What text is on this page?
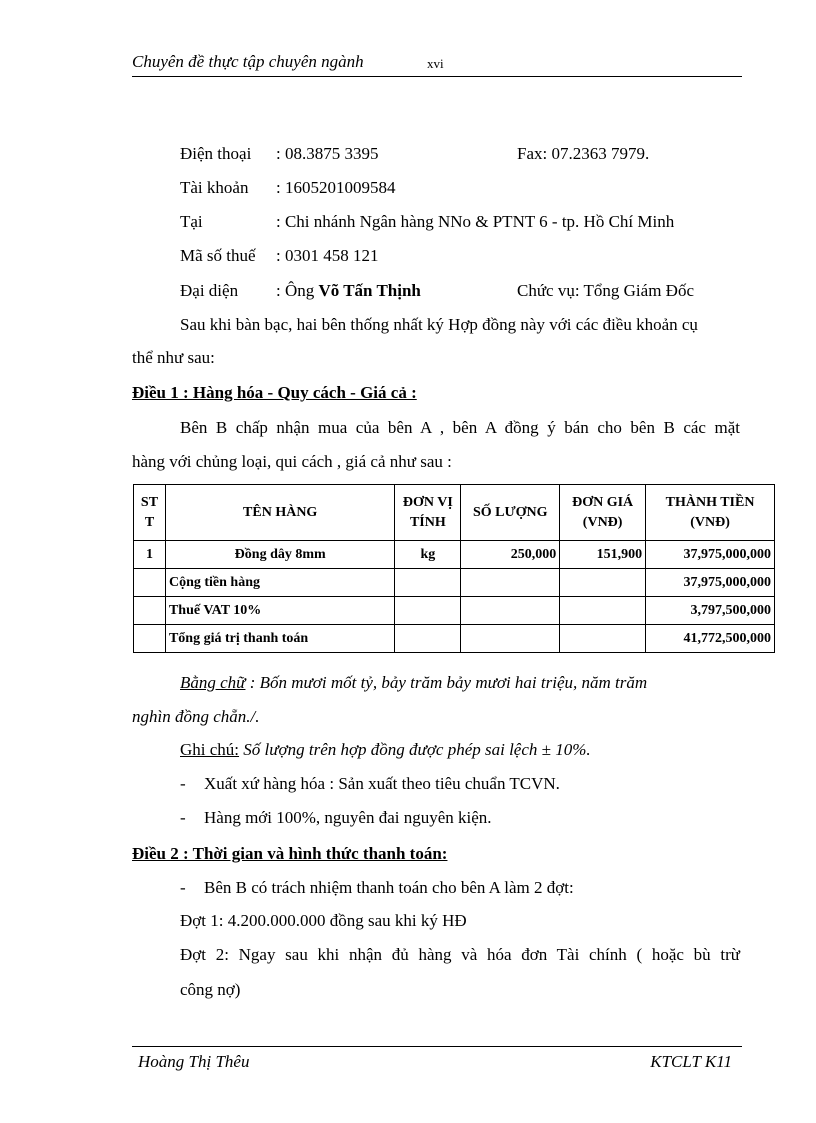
Chuyên đề thực tập chuyên ngành	xvi
Điện thoại : 08.3875 3395	Fax: 07.2363 7979.
Tài khoản : 1605201009584
Tại	: Chi nhánh Ngân hàng NNo & PTNT 6 - tp. Hồ Chí Minh
Mã số thuế : 0301 458 121
Đại diện : Ông Võ Tấn Thịnh	Chức vụ: Tổng Giám Đốc
Sau khi bàn bạc, hai bên thống nhất ký Hợp đồng này với các điều khoản cụ
thể như sau:
Điều 1 : Hàng hóa - Quy cách - Giá cả :
Bên B chấp nhận mua của bên A , bên A đồng ý bán cho bên B các mặt
hàng với chủng loại, qui cách , giá cả như sau :
ST T	TÊN HÀNG	ĐƠN VỊ TÍNH	SỐ LƯỢNG	ĐƠN GIÁ (VNĐ)	THÀNH TIỀN (VNĐ)
1	Đồng dây 8mm	kg	250,000	151,900	37,975,000,000
	Cộng tiền hàng				37,975,000,000
	Thuế VAT 10%				3,797,500,000
	Tổng giá trị thanh toán				41,772,500,000
Bằng chữ : Bốn mươi mốt tỷ, bảy trăm bảy mươi hai triệu, năm trăm
nghìn đồng chẵn./.
Ghi chú: Số lượng trên hợp đồng được phép sai lệch ± 10%.
- Xuất xứ hàng hóa : Sản xuất theo tiêu chuẩn TCVN.
- Hàng mới 100%, nguyên đai nguyên kiện.
Điều 2 : Thời gian và hình thức thanh toán:
- Bên B có trách nhiệm thanh toán cho bên A làm 2 đợt:
Đợt 1: 4.200.000.000 đồng sau khi ký HĐ
Đợt 2: Ngay sau khi nhận đủ hàng và hóa đơn Tài chính ( hoặc bù trừ
công nợ)
Hoàng Thị Thêu	KTCLT K11
